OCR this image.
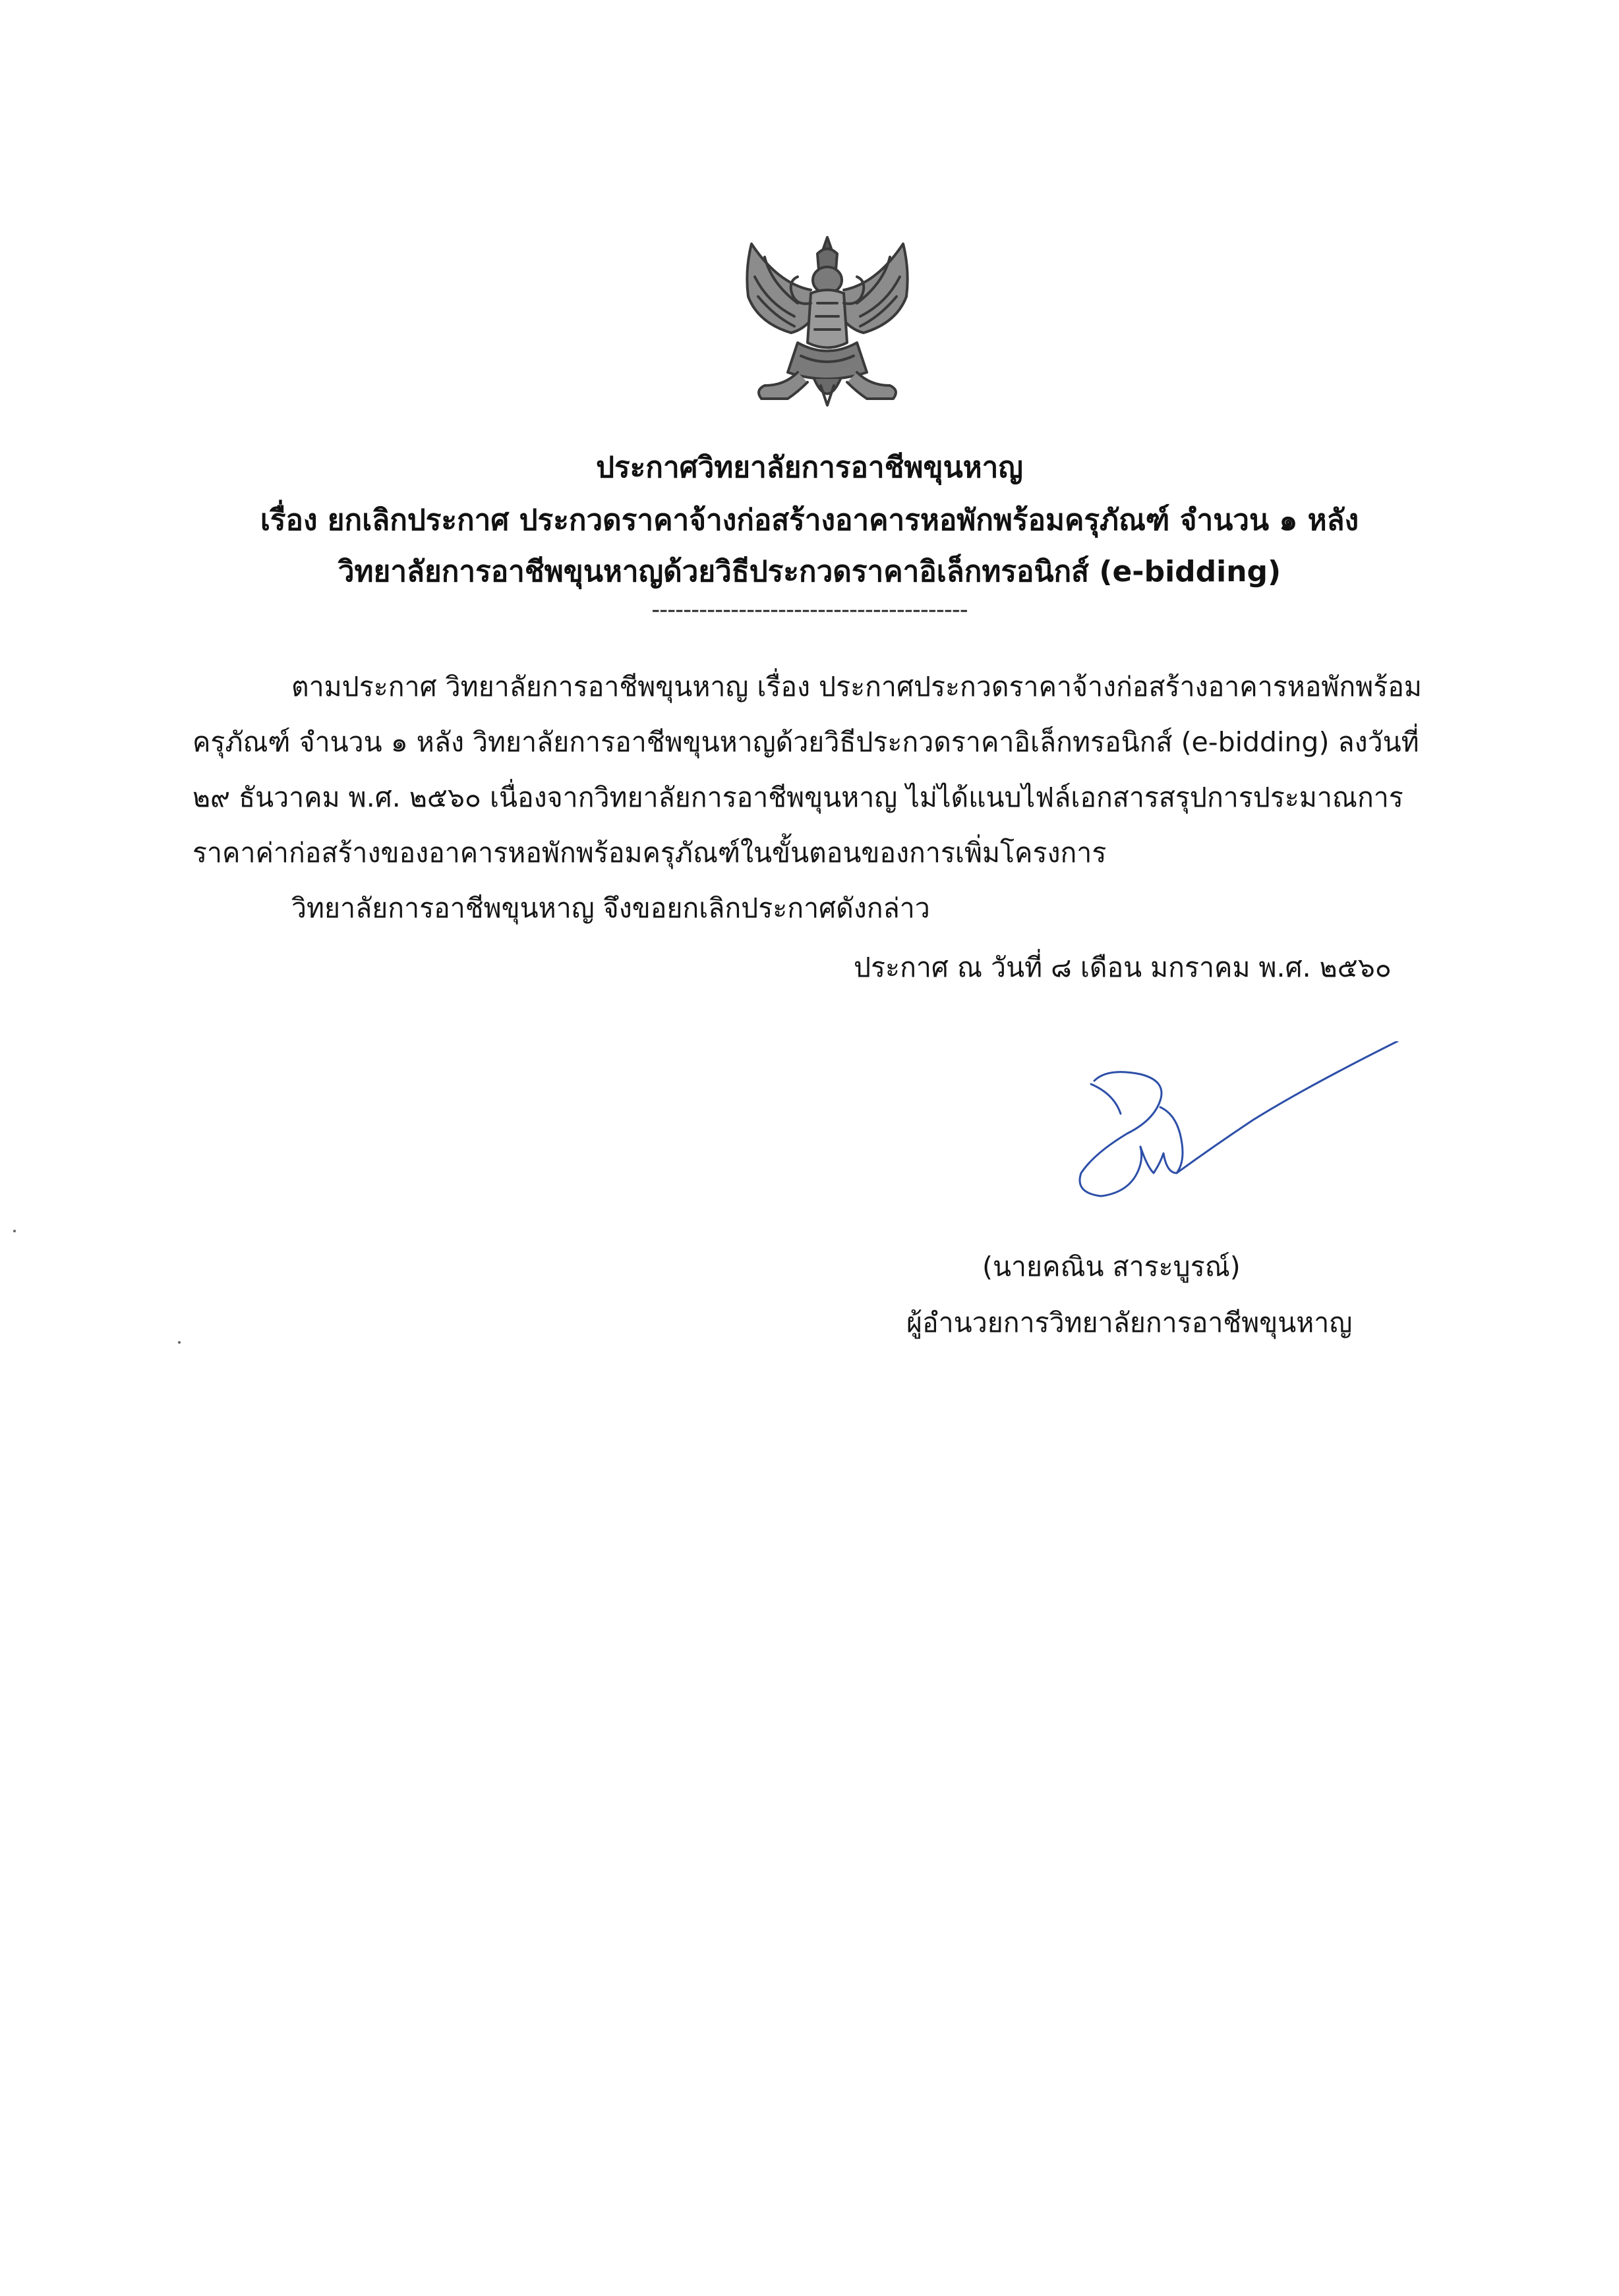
ประกาศวิทยาลัยการอาชีพขุนหาญ
เรื่อง ยกเลิกประกาศ ประกวดราคาจ้างก่อสร้างอาคารหอพักพร้อมครุภัณฑ์ จำนวน ๑ หลัง
วิทยาลัยการอาชีพขุนหาญด้วยวิธีประกวดราคาอิเล็กทรอนิกส์ (e-bidding)
----------------------------------------
ตามประกาศ วิทยาลัยการอาชีพขุนหาญ เรื่อง ประกาศประกวดราคาจ้างก่อสร้างอาคารหอพักพร้อม
ครุภัณฑ์ จำนวน ๑ หลัง วิทยาลัยการอาชีพขุนหาญด้วยวิธีประกวดราคาอิเล็กทรอนิกส์ (e-bidding) ลงวันที่
๒๙ ธันวาคม พ.ศ. ๒๕๖๐ เนื่องจากวิทยาลัยการอาชีพขุนหาญ ไม่ได้แนบไฟล์เอกสารสรุปการประมาณการ
ราคาค่าก่อสร้างของอาคารหอพักพร้อมครุภัณฑ์ในขั้นตอนของการเพิ่มโครงการ
วิทยาลัยการอาชีพขุนหาญ จึงขอยกเลิกประกาศดังกล่าว
ประกาศ ณ วันที่ ๘ เดือน มกราคม พ.ศ. ๒๕๖๐
(นายคณิน สาระบูรณ์)
ผู้อำนวยการวิทยาลัยการอาชีพขุนหาญ
